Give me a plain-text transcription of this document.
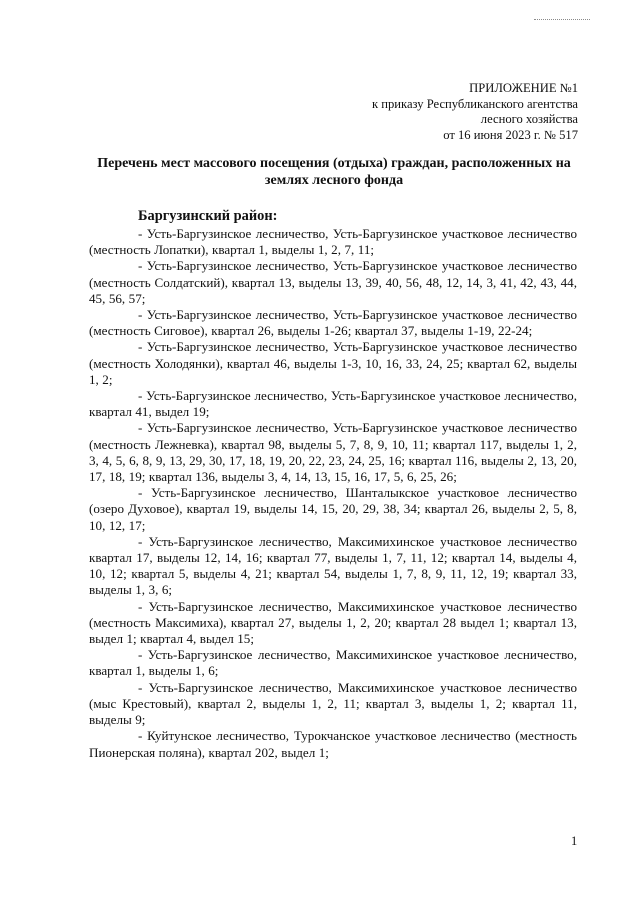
ПРИЛОЖЕНИЕ №1
к приказу Республиканского агентства
лесного хозяйства
от 16 июня 2023 г. № 517
Перечень мест массового посещения (отдыха) граждан, расположенных на землях лесного фонда
Баргузинский район:

- Усть-Баргузинское лесничество, Усть-Баргузинское участковое лесничество (местность Лопатки), квартал 1, выделы 1, 2, 7, 11;

- Усть-Баргузинское лесничество, Усть-Баргузинское участковое лесничество (местность Солдатский), квартал 13, выделы 13, 39, 40, 56, 48, 12, 14, 3, 41, 42, 43, 44, 45, 56, 57;

- Усть-Баргузинское лесничество, Усть-Баргузинское участковое лесничество (местность Сиговое), квартал 26, выделы 1-26; квартал 37, выделы 1-19, 22-24;

- Усть-Баргузинское лесничество, Усть-Баргузинское участковое лесничество (местность Холодянки), квартал 46, выделы 1-3, 10, 16, 33, 24, 25; квартал 62, выделы 1, 2;

- Усть-Баргузинское лесничество, Усть-Баргузинское участковое лесничество, квартал 41, выдел 19;

- Усть-Баргузинское лесничество, Усть-Баргузинское участковое лесничество (местность Лежневка), квартал 98, выделы 5, 7, 8, 9, 10, 11; квартал 117, выделы 1, 2, 3, 4, 5, 6, 8, 9, 13, 29, 30, 17, 18, 19, 20, 22, 23, 24, 25, 16; квартал 116, выделы 2, 13, 20, 17, 18, 19; квартал 136, выделы 3, 4, 14, 13, 15, 16, 17, 5, 6, 25, 26;

- Усть-Баргузинское лесничество, Шанталыкское участковое лесничество (озеро Духовое), квартал 19, выделы 14, 15, 20, 29, 38, 34; квартал 26, выделы 2, 5, 8, 10, 12, 17;

- Усть-Баргузинское лесничество, Максимихинское участковое лесничество квартал 17, выделы 12, 14, 16; квартал 77, выделы 1, 7, 11, 12; квартал 14, выделы 4, 10, 12; квартал 5, выделы 4, 21; квартал 54, выделы 1, 7, 8, 9, 11, 12, 19; квартал 33, выделы 1, 3, 6;

- Усть-Баргузинское лесничество, Максимихинское участковое лесничество (местность Максимиха), квартал 27, выделы 1, 2, 20; квартал 28 выдел 1; квартал 13, выдел 1; квартал 4, выдел 15;

- Усть-Баргузинское лесничество, Максимихинское участковое лесничество, квартал 1, выделы 1, 6;

- Усть-Баргузинское лесничество, Максимихинское участковое лесничество (мыс Крестовый), квартал 2, выделы 1, 2, 11; квартал 3, выделы 1, 2; квартал 11, выделы 9;

- Куйтунское лесничество, Турокчанское участковое лесничество (местность Пионерская поляна), квартал 202, выдел 1;

1
